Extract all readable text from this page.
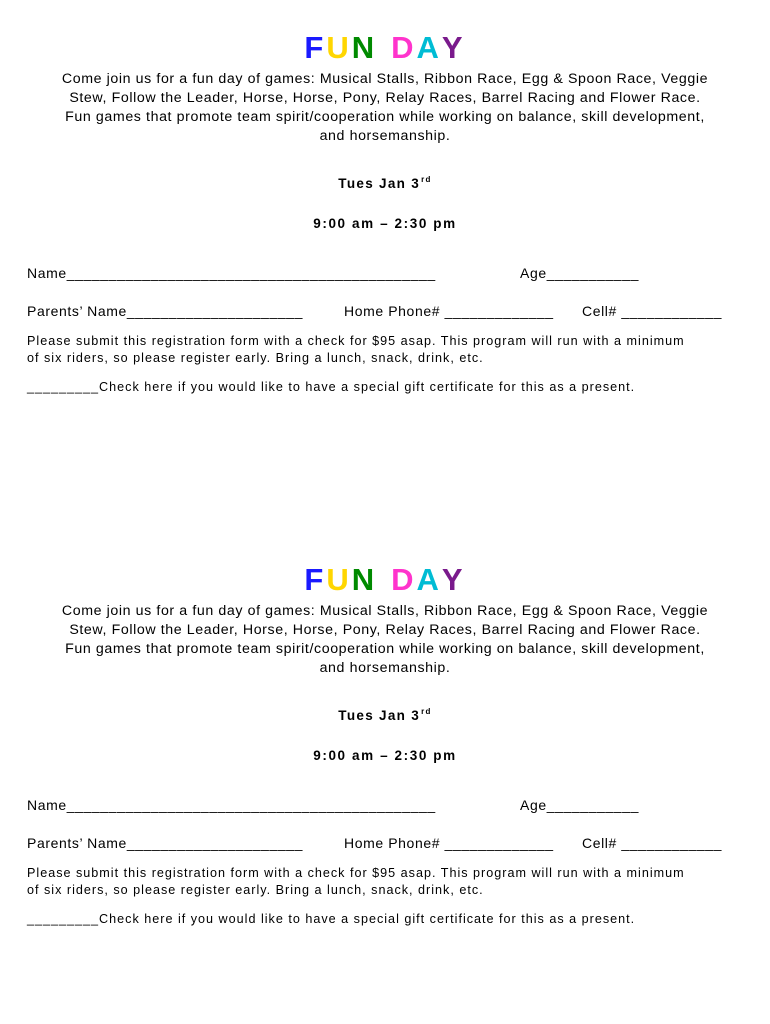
FUN DAY
Come join us for a fun day of games: Musical Stalls, Ribbon Race, Egg & Spoon Race, Veggie
Stew, Follow the Leader, Horse, Horse, Pony, Relay Races, Barrel Racing and Flower Race.
Fun games that promote team spirit/cooperation while working on balance, skill development,
and horsemanship.
Tues Jan 3rd
9:00 am – 2:30 pm
Name____________________________________________	Age___________
Parents’ Name_____________________	Home Phone# _____________ Cell# ____________
Please submit this registration form with a check for $95 asap. This program will run with a minimum
of six riders, so please register early. Bring a lunch, snack, drink, etc.
_________Check here if you would like to have a special gift certificate for this as a present.
FUN DAY
Come join us for a fun day of games: Musical Stalls, Ribbon Race, Egg & Spoon Race, Veggie
Stew, Follow the Leader, Horse, Horse, Pony, Relay Races, Barrel Racing and Flower Race.
Fun games that promote team spirit/cooperation while working on balance, skill development,
and horsemanship.
Tues Jan 3rd
9:00 am – 2:30 pm
Name____________________________________________	Age___________
Parents’ Name_____________________	Home Phone# _____________ Cell# ____________
Please submit this registration form with a check for $95 asap. This program will run with a minimum
of six riders, so please register early. Bring a lunch, snack, drink, etc.
_________Check here if you would like to have a special gift certificate for this as a present.
